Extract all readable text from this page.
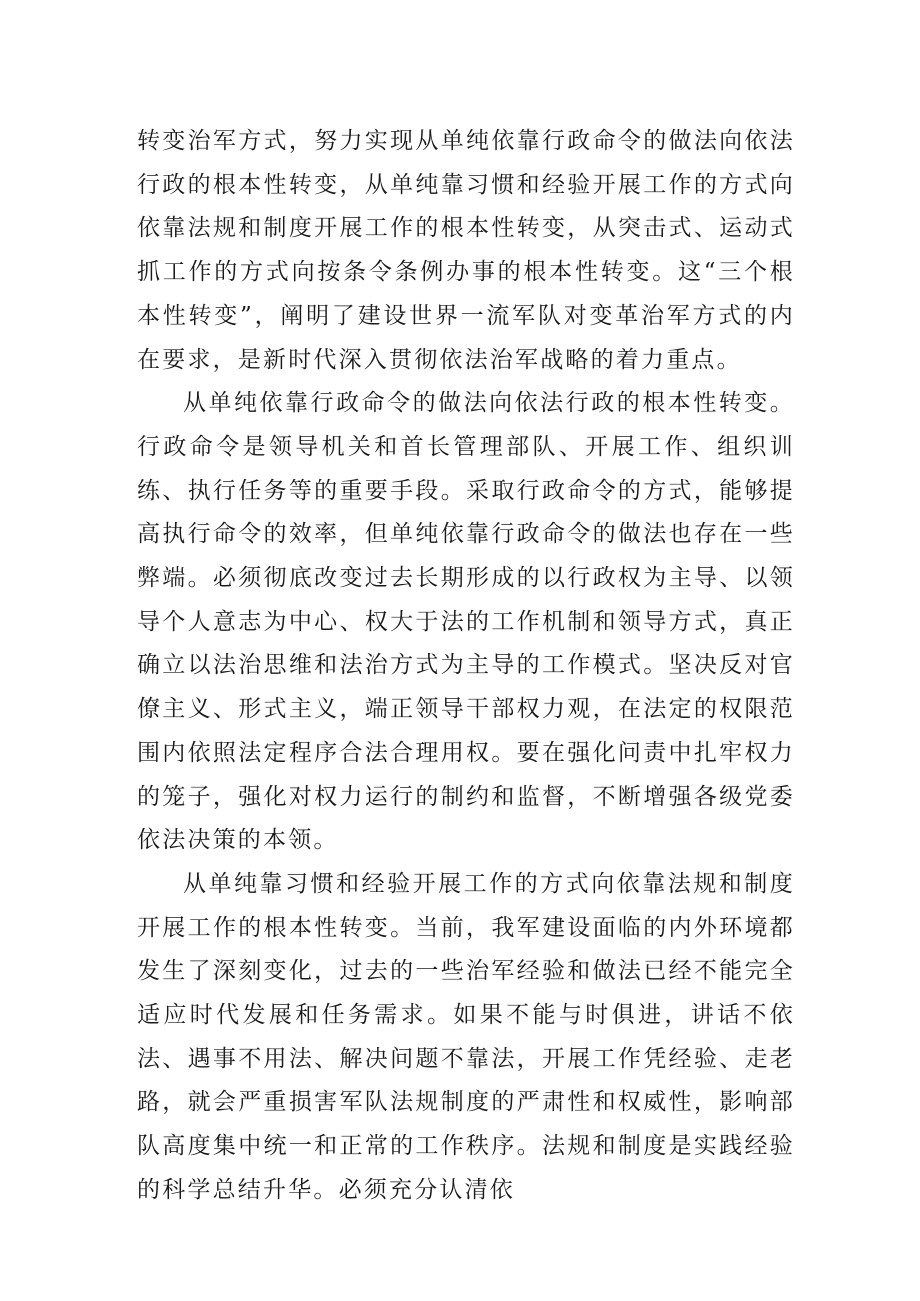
转变治军方式，努力实现从单纯依靠行政命令的做法向依法行政的根本性转变，从单纯靠习惯和经验开展工作的方式向依靠法规和制度开展工作的根本性转变，从突击式、运动式抓工作的方式向按条令条例办事的根本性转变。这“三个根本性转变”，阐明了建设世界一流军队对变革治军方式的内在要求，是新时代深入贯彻依法治军战略的着力重点。

从单纯依靠行政命令的做法向依法行政的根本性转变。行政命令是领导机关和首长管理部队、开展工作、组织训练、执行任务等的重要手段。采取行政命令的方式，能够提高执行命令的效率，但单纯依靠行政命令的做法也存在一些弊端。必须彻底改变过去长期形成的以行政权为主导、以领导个人意志为中心、权大于法的工作机制和领导方式，真正确立以法治思维和法治方式为主导的工作模式。坚决反对官僚主义、形式主义，端正领导干部权力观，在法定的权限范围内依照法定程序合法合理用权。要在强化问责中扎牢权力的笼子，强化对权力运行的制约和监督，不断增强各级党委依法决策的本领。

从单纯靠习惯和经验开展工作的方式向依靠法规和制度开展工作的根本性转变。当前，我军建设面临的内外环境都发生了深刻变化，过去的一些治军经验和做法已经不能完全适应时代发展和任务需求。如果不能与时俱进，讲话不依法、遇事不用法、解决问题不靠法，开展工作凭经验、走老路，就会严重损害军队法规制度的严肃性和权威性，影响部队高度集中统一和正常的工作秩序。法规和制度是实践经验的科学总结升华。必须充分认清依
